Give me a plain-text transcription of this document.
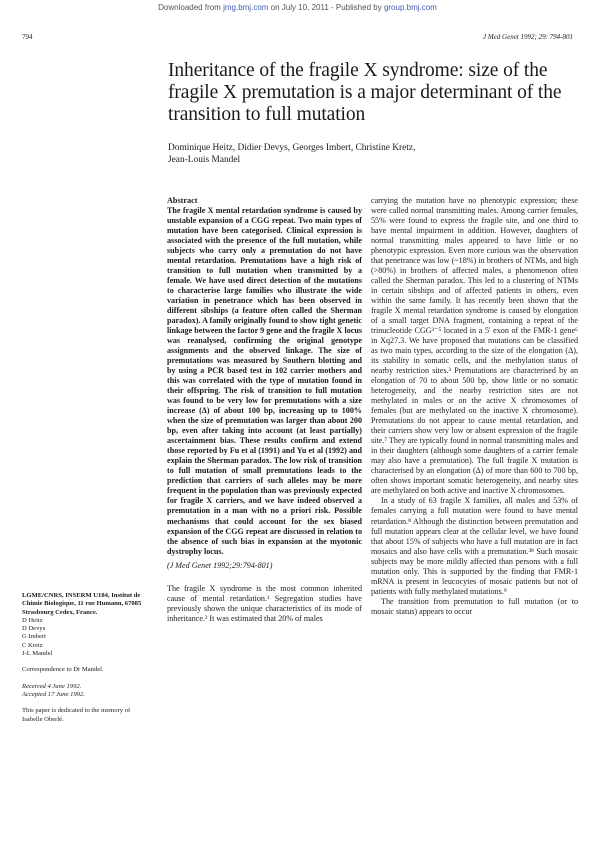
Downloaded from jmg.bmj.com on July 10, 2011 - Published by group.bmj.com
794	J Med Genet 1992; 29: 794-801
Inheritance of the fragile X syndrome: size of the fragile X premutation is a major determinant of the transition to full mutation
Dominique Heitz, Didier Devys, Georges Imbert, Christine Kretz,
Jean-Louis Mandel

Abstract

The fragile X mental retardation syndrome is caused by unstable expansion of a CGG repeat. Two main types of mutation have been categorised. Clinical expression is associated with the presence of the full mutation, while subjects who carry only a premutation do not have mental retardation. Premutations have a high risk of transition to full mutation when transmitted by a female. We have used direct detection of the mutations to characterise large families who illustrate the wide variation in penetrance which has been observed in different sibships (a feature often called the Sherman paradox). A family originally found to show tight genetic linkage between the factor 9 gene and the fragile X locus was reanalysed, confirming the original genotype assignments and the observed linkage. The size of premutations was measured by Southern blotting and by using a PCR based test in 102 carrier mothers and this was correlated with the type of mutation found in their offspring. The risk of transition to full mutation was found to be very low for premutations with a size increase (Δ) of about 100 bp, increasing up to 100% when the size of premutation was larger than about 200 bp, even after taking into account (at least partially) ascertainment bias. These results confirm and extend those reported by Fu et al (1991) and Yu et al (1992) and explain the Sherman paradox. The low risk of transition to full mutation of small premutations leads to the prediction that carriers of such alleles may be more frequent in the population than was previously expected for fragile X carriers, and we have indeed observed a premutation in a man with no a priori risk. Possible mechanisms that could account for the sex biased expansion of the CGG repeat are discussed in relation to the absence of such bias in expansion at the myotonic dystrophy locus.

(J Med Genet 1992;29:794-801)

The fragile X syndrome is the most common inherited cause of mental retardation.¹ Segregation studies have previously shown the unique characteristics of its mode of inheritance.² It was estimated that 20% of males

carrying the mutation have no phenotypic expression; these were called normal transmitting males. Among carrier females, 55% were found to express the fragile site, and one third to have mental impairment in addition. However, daughters of normal transmitting males appeared to have little or no phenotypic expression. Even more curious was the observation that penetrance was low (~18%) in brothers of NTMs, and high (>80%) in brothers of affected males, a phenomenon often called the Sherman paradox. This led to a clustering of NTMs in certain sibships and of affected patients in others, even within the same family. It has recently been shown that the fragile X mental retardation syndrome is caused by elongation of a small target DNA fragment, containing a repeat of the trinucleotide CGG³⁻⁵ located in a 5' exon of the FMR-1 gene⁶ in Xq27.3. We have proposed that mutations can be classified as two main types, according to the size of the elongation (Δ), its stability in somatic cells, and the methylation status of nearby restriction sites.³ Premutations are characterised by an elongation of 70 to about 500 bp, show little or no somatic heterogeneity, and the nearby restriction sites are not methylated in males or on the active X chromosomes of females (but are methylated on the inactive X chromosome). Premutations do not appear to cause mental retardation, and their carriers show very low or absent expression of the fragile site.⁷ They are typically found in normal transmitting males and in their daughters (although some daughters of a carrier female may also have a premutation). The full fragile X mutation is characterised by an elongation (Δ) of more than 600 to 700 bp, often shows important somatic heterogeneity, and nearby sites are methylated on both active and inactive X chromosomes.

In a study of 63 fragile X families, all males and 53% of females carrying a full mutation were found to have mental retardation.⁸ Although the distinction between premutation and full mutation appears clear at the cellular level, we have found that about 15% of subjects who have a full mutation are in fact mosaics and also have cells with a premutation.³⁸ Such mosaic subjects may be more mildly affected than persons with a full mutation only. This is supported by the finding that FMR-1 mRNA is present in leucocytes of mosaic patients but not of patients with fully methylated mutations.⁹

The transition from premutation to full mutation (or to mosaic status) appears to occur

LGME/CNRS, INSERM U184, Institut de Chimie Biologique, 11 rue Humann, 67085 Strasbourg Cedex, France.

D Heitz

D Devys

G Imbert

C Kretz

J-L Mandel

Correspondence to Dr Mandel.

Received 4 June 1992.

Accepted 17 June 1992.

This paper is dedicated to the memory of Isabelle Oberlé.
